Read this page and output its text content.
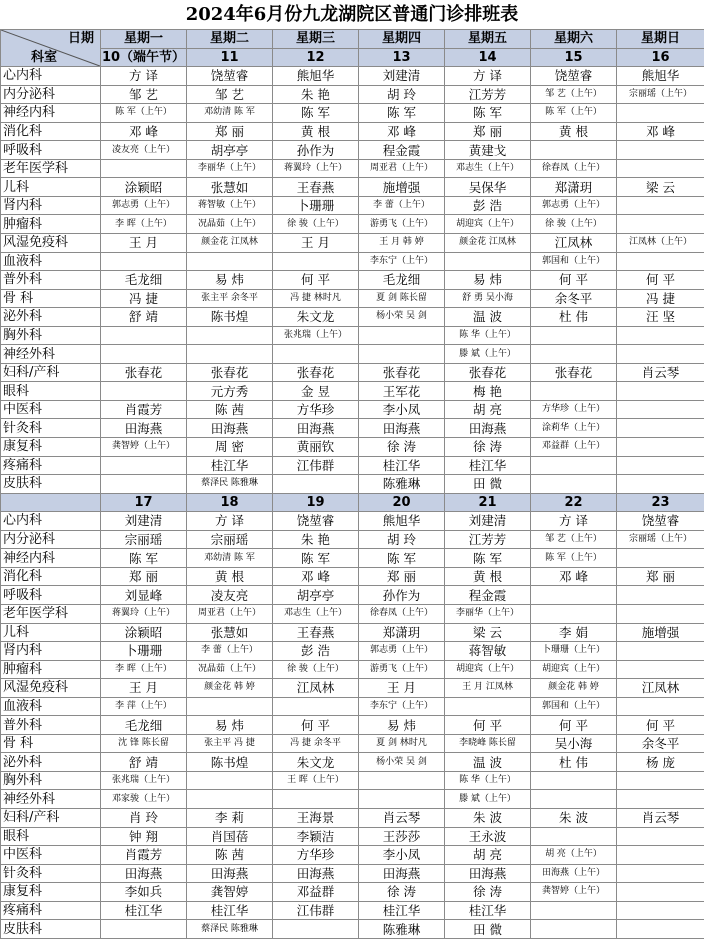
2024年6月份九龙湖院区普通门诊排班表
日期
科室	星期一	星期二	星期三	星期四	星期五	星期六	星期日
	10（端午节）	11	12	13	14	15	16
心内科	方 译	饶堃睿	熊旭华	刘建清	方 译	饶堃睿	熊旭华
内分泌科	邹 艺	邹 艺	朱 艳	胡 玲	江芳芳	邹 艺（上午）	宗丽瑶（上午）
神经内科	陈 军（上午）	邓幼清 陈 军	陈 军	陈 军	陈 军	陈 军（上午）	
消化科	邓 峰	郑 丽	黄 根	邓 峰	郑 丽	黄 根	邓 峰
呼吸科	凌友亮（上午）	胡亭亭	孙作为	程金霞	黄建戈		
老年医学科		李丽华（上午）	蒋翼玲（上午）	周亚君（上午）	邓志生（上午）	徐春凤（上午）	
儿科	涂颖昭	张慧如	王春燕	施增强	吴保华	郑潇玥	梁 云
肾内科	郭志勇（上午）	蒋智敏（上午）	卜珊珊	李 蕾（上午）	彭 浩	郭志勇（上午）	
肿瘤科	李 晖（上午）	况晶茹（上午）	徐 骏（上午）	游勇飞（上午）	胡迎宾（上午）	徐 骏（上午）	
风湿免疫科	王 月	颜金花 江凤林	王 月	王 月 韩 婷	颜金花 江凤林	江凤林	江凤林（上午）
血液科				李东宁（上午）		郭国和（上午）	
普外科	毛龙细	易 炜	何 平	毛龙细	易 炜	何 平	何 平
骨 科	冯 捷	张主平 余冬平	冯 捷 林时凡	夏 剑 陈长留	舒 勇 吴小海	余冬平	冯 捷
泌外科	舒 靖	陈书煌	朱文龙	杨小荣 吴 剑	温 波	杜 伟	汪 坚
胸外科			张兆瑞（上午）		陈 华（上午）		
神经外科					滕 斌（上午）		
妇科/产科	张春花	张春花	张春花	张春花	张春花	张春花	肖云琴
眼科		元方秀	金 昱	王军花	梅 艳		
中医科	肖霞芳	陈 茜	方华珍	李小凤	胡 亮	方华珍（上午）	
针灸科	田海燕	田海燕	田海燕	田海燕	田海燕	涂莉华（上午）	
康复科	龚智婷（上午）	周 密	黄丽钦	徐 涛	徐 涛	邓益群（上午）	
疼痛科		桂江华	江伟群	桂江华	桂江华		
皮肤科		蔡泽民 陈雅琳		陈雅琳	田 微		
	17	18	19	20	21	22	23
心内科	刘建清	方 译	饶堃睿	熊旭华	刘建清	方 译	饶堃睿
内分泌科	宗丽瑶	宗丽瑶	朱 艳	胡 玲	江芳芳	邹 艺（上午）	宗丽瑶（上午）
神经内科	陈 军	邓幼清 陈 军	陈 军	陈 军	陈 军	陈 军（上午）	
消化科	郑 丽	黄 根	邓 峰	郑 丽	黄 根	邓 峰	郑 丽
呼吸科	刘显峰	凌友亮	胡亭亭	孙作为	程金霞		
老年医学科	蒋翼玲（上午）	周亚君（上午）	邓志生（上午）	徐春凤（上午）	李丽华（上午）		
儿科	涂颖昭	张慧如	王春燕	郑潇玥	梁 云	李 娟	施增强
肾内科	卜珊珊	李 蕾（上午）	彭 浩	郭志勇（上午）	蒋智敏	卜珊珊（上午）	
肿瘤科	李 晖（上午）	况晶茹（上午）	徐 骏（上午）	游勇飞（上午）	胡迎宾（上午）	胡迎宾（上午）	
风湿免疫科	王 月	颜金花 韩 婷	江凤林	王 月	王 月 江凤林	颜金花 韩 婷	江凤林
血液科	李 萍（上午）			李东宁（上午）		郭国和（上午）	
普外科	毛龙细	易 炜	何 平	易 炜	何 平	何 平	何 平
骨 科	沈 锋 陈长留	张主平 冯 捷	冯 捷 余冬平	夏 剑 林时凡	李晓峰 陈长留	吴小海	余冬平
泌外科	舒 靖	陈书煌	朱文龙	杨小荣 吴 剑	温 波	杜 伟	杨 庞
胸外科	张兆瑞（上午）		王 晖（上午）		陈 华（上午）		
神经外科	邓家骏（上午）				滕 斌（上午）		
妇科/产科	肖 玲	李 莉	王海景	肖云琴	朱 波	朱 波	肖云琴
眼科	钟 翔	肖国蓓	李颖洁	王莎莎	王永波		
中医科	肖霞芳	陈 茜	方华珍	李小凤	胡 亮	胡 亮（上午）	
针灸科	田海燕	田海燕	田海燕	田海燕	田海燕	田海燕（上午）	
康复科	李如兵	龚智婷	邓益群	徐 涛	徐 涛	龚智婷（上午）	
疼痛科	桂江华	桂江华	江伟群	桂江华	桂江华		
皮肤科		蔡泽民 陈雅琳		陈雅琳	田 微		
